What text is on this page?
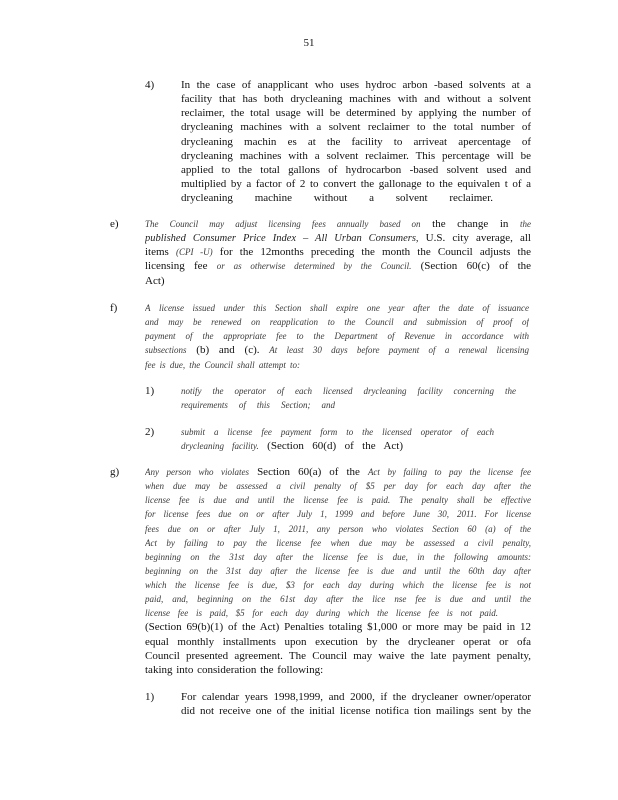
51
4) In the case of anapplicant who uses hydroc arbon -based solvents at a
facility that has both drycleaning machines with and without a solvent
reclaimer, the total usage will be determined by applying the number of
drycleaning machines with a solvent reclaimer to the total number of
drycleaning machin es at the facility to arriveat apercentage of
drycleaning machines with a solvent reclaimer. This percentage will be
applied to the total gallons of hydrocarbon -based solvent used and
multiplied by a factor of 2 to convert the gallonage to the equivalen t of a
drycleaning machine without a solvent reclaimer.
e)	The Council may adjust licensing fees annually based on the change in the
published Consumer Price Index – All Urban Consumers, U.S. city average, all
items (CPI -U) for the 12months preceding the month the Council adjusts the
licensing fee or as otherwise determined by the Council. (Section 60(c) of the
Act)
f)	A license issued under this Section shall expire one year after the date of issuance
and may be renewed on reapplication to the Council and submission of proof of
payment of the appropriate fee to the Department of Revenue in accordance with
subsections (b) and (c). At least 30 days before payment of a renewal licensing
fee is due, the Council shall attempt to:
1)	notify the operator of each licensed drycleaning facility concerning the
requirements of this Section; and
2)	submit a license fee payment form to the licensed operator of each
drycleaning facility. (Section 60(d) of the Act)
g)	Any person who violates Section 60(a) of the Act by failing to pay the license fee
when due may be assessed a civil penalty of $5 per day for each day after the
license fee is due and until the license fee is paid. The penalty shall be effective
for license fees due on or after July 1, 1999 and before June 30, 2011. For license
fees due on or after July 1, 2011, any person who violates Section 60 (a) of the
Act by failing to pay the license fee when due may be assessed a civil penalty,
beginning on the 31st day after the license fee is due, in the following amounts:
beginning on the 31st day after the license fee is due and until the 60th day after
which the license fee is due, $3 for each day during which the license fee is not
paid, and, beginning on the 61st day after the lice nse fee is due and until the
license fee is paid, $5 for each day during which the license fee is not paid.
(Section 69(b)(1) of the Act) Penalties totaling $1,000 or more may be paid in 12
equal monthly installments upon execution by the drycleaner operat or ofa
Council presented agreement. The Council may waive the late payment penalty,
taking into consideration the following:
1) For calendar years 1998,1999, and 2000, if the drycleaner owner/operator
did not receive one of the initial license notifica tion mailings sent by the
